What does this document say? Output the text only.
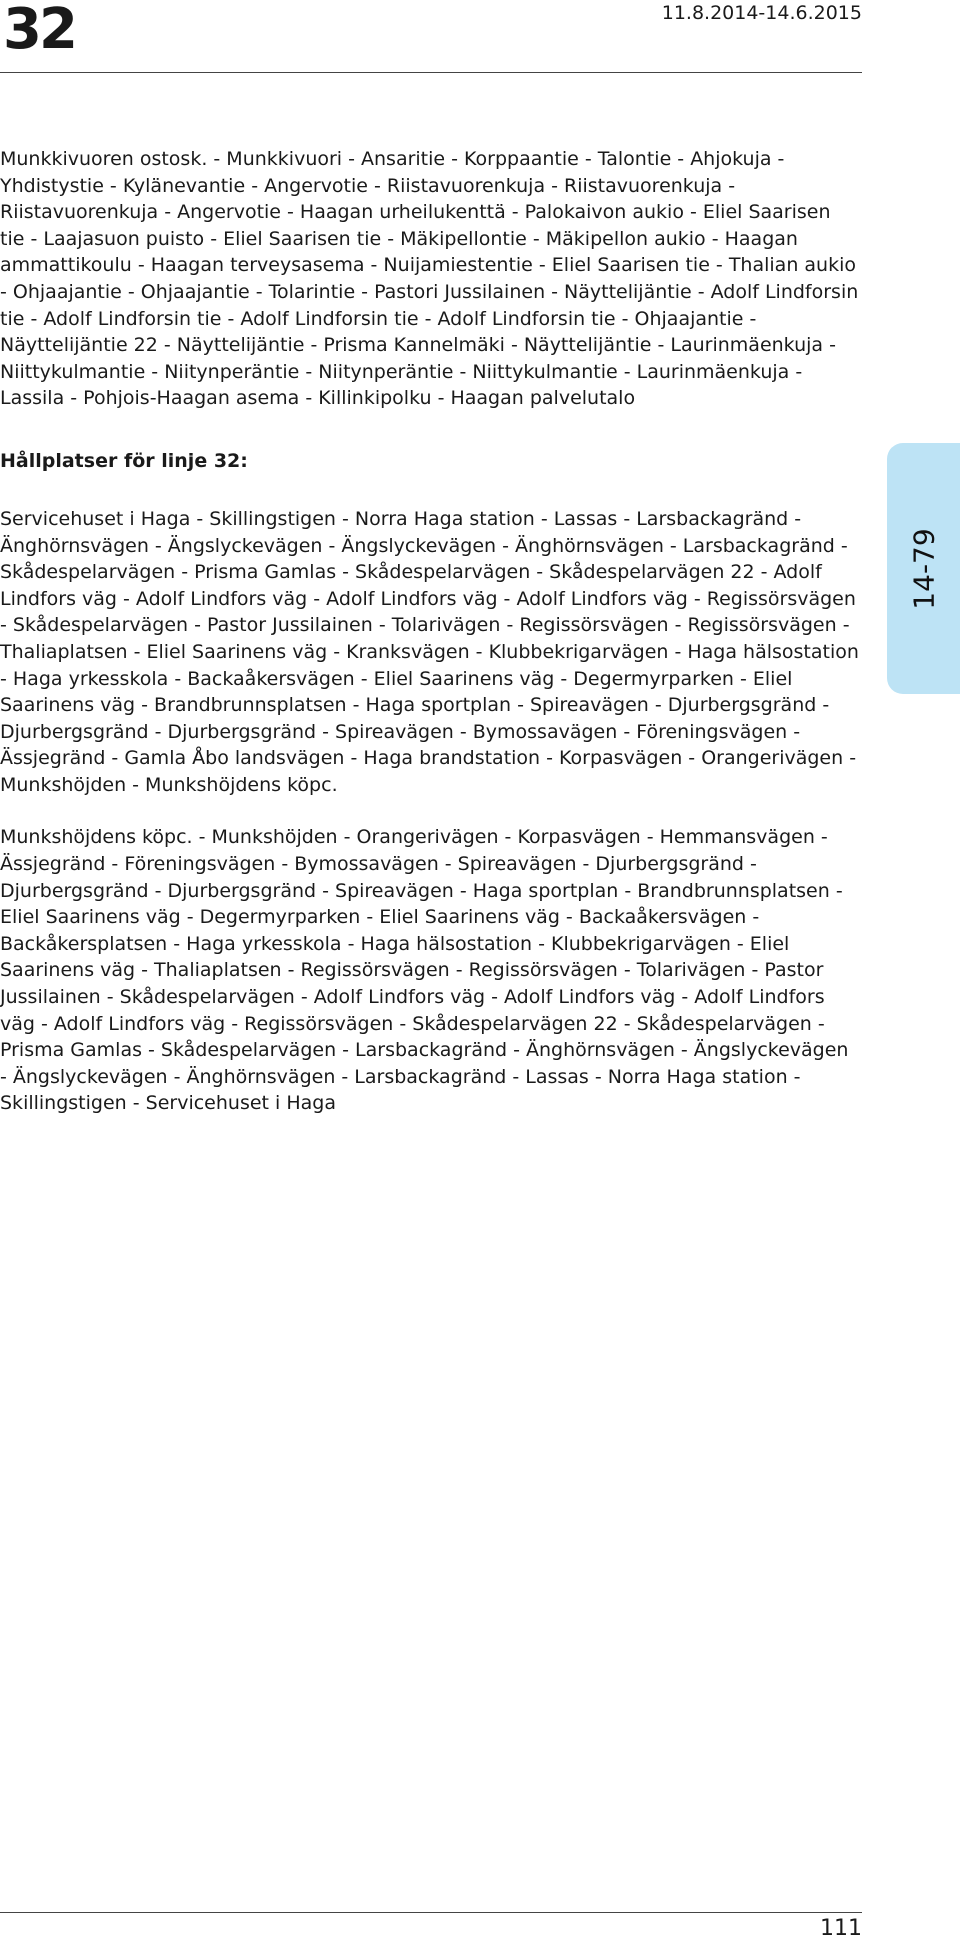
32	11.8.2014-14.6.2015

Munkkivuoren ostosk. - Munkkivuori - Ansaritie - Korppaantie - Talontie - Ahjokuja - Yhdistystie - Kylänevantie - Angervotie - Riistavuorenkuja - Riistavuorenkuja - Riistavuorenkuja - Angervotie - Haagan urheilukenttä - Palokaivon aukio - Eliel Saarisen tie - Laajasuon puisto - Eliel Saarisen tie - Mäkipellontie - Mäkipellon aukio - Haagan ammattikoulu - Haagan terveysasema - Nuijamiestentie - Eliel Saarisen tie - Thalian aukio - Ohjaajantie - Ohjaajantie - Tolarintie - Pastori Jussilainen - Näyttelijäntie - Adolf Lindforsin tie - Adolf Lindforsin tie - Adolf Lindforsin tie - Adolf Lindforsin tie - Ohjaajantie - Näyttelijäntie 22 - Näyttelijäntie - Prisma Kannelmäki - Näyttelijäntie - Laurinmäenkuja - Niittykulmantie - Niitynperäntie - Niitynperäntie - Niittykulmantie - Laurinmäenkuja - Lassila - Pohjois-Haagan asema - Killinkipolku - Haagan palvelutalo

Hållplatser för linje 32:

Servicehuset i Haga - Skillingstigen - Norra Haga station - Lassas - Larsbackagränd - Änghörnsvägen - Ängslyckevägen - Ängslyckevägen - Änghörnsvägen - Larsbackagränd - Skådespelarvägen - Prisma Gamlas - Skådespelarvägen - Skådespelarvägen 22 - Adolf Lindfors väg - Adolf Lindfors väg - Adolf Lindfors väg - Adolf Lindfors väg - Regissörsvägen - Skådespelarvägen - Pastor Jussilainen - Tolarivägen - Regissörsvägen - Regissörsvägen - Thaliaplatsen - Eliel Saarinens väg - Kranksvägen - Klubbekrigarvägen - Haga hälsostation - Haga yrkesskola - Backaåkersvägen - Eliel Saarinens väg - Degermyrparken - Eliel Saarinens väg - Brandbrunnsplatsen - Haga sportplan - Spireavägen - Djurbergsgränd - Djurbergsgränd - Djurbergsgränd - Spireavägen - Bymossavägen - Föreningsvägen - Ässjegränd - Gamla Åbo landsvägen - Haga brandstation - Korpasvägen - Orangerivägen - Munkshöjden - Munkshöjdens köpc.

Munkshöjdens köpc. - Munkshöjden - Orangerivägen - Korpasvägen - Hemmansvägen - Ässjegränd - Föreningsvägen - Bymossavägen - Spireavägen - Djurbergsgränd - Djurbergsgränd - Djurbergsgränd - Spireavägen - Haga sportplan - Brandbrunnsplatsen - Eliel Saarinens väg - Degermyrparken - Eliel Saarinens väg - Backaåkersvägen - Backåkersplatsen - Haga yrkesskola - Haga hälsostation - Klubbekrigarvägen - Eliel Saarinens väg - Thaliaplatsen - Regissörsvägen - Regissörsvägen - Tolarivägen - Pastor Jussilainen - Skådespelarvägen - Adolf Lindfors väg - Adolf Lindfors väg - Adolf Lindfors väg - Adolf Lindfors väg - Regissörsvägen - Skådespelarvägen 22 - Skådespelarvägen - Prisma Gamlas - Skådespelarvägen - Larsbackagränd - Änghörnsvägen - Ängslyckevägen - Ängslyckevägen - Änghörnsvägen - Larsbackagränd - Lassas - Norra Haga station - Skillingstigen - Servicehuset i Haga

14-79
111
